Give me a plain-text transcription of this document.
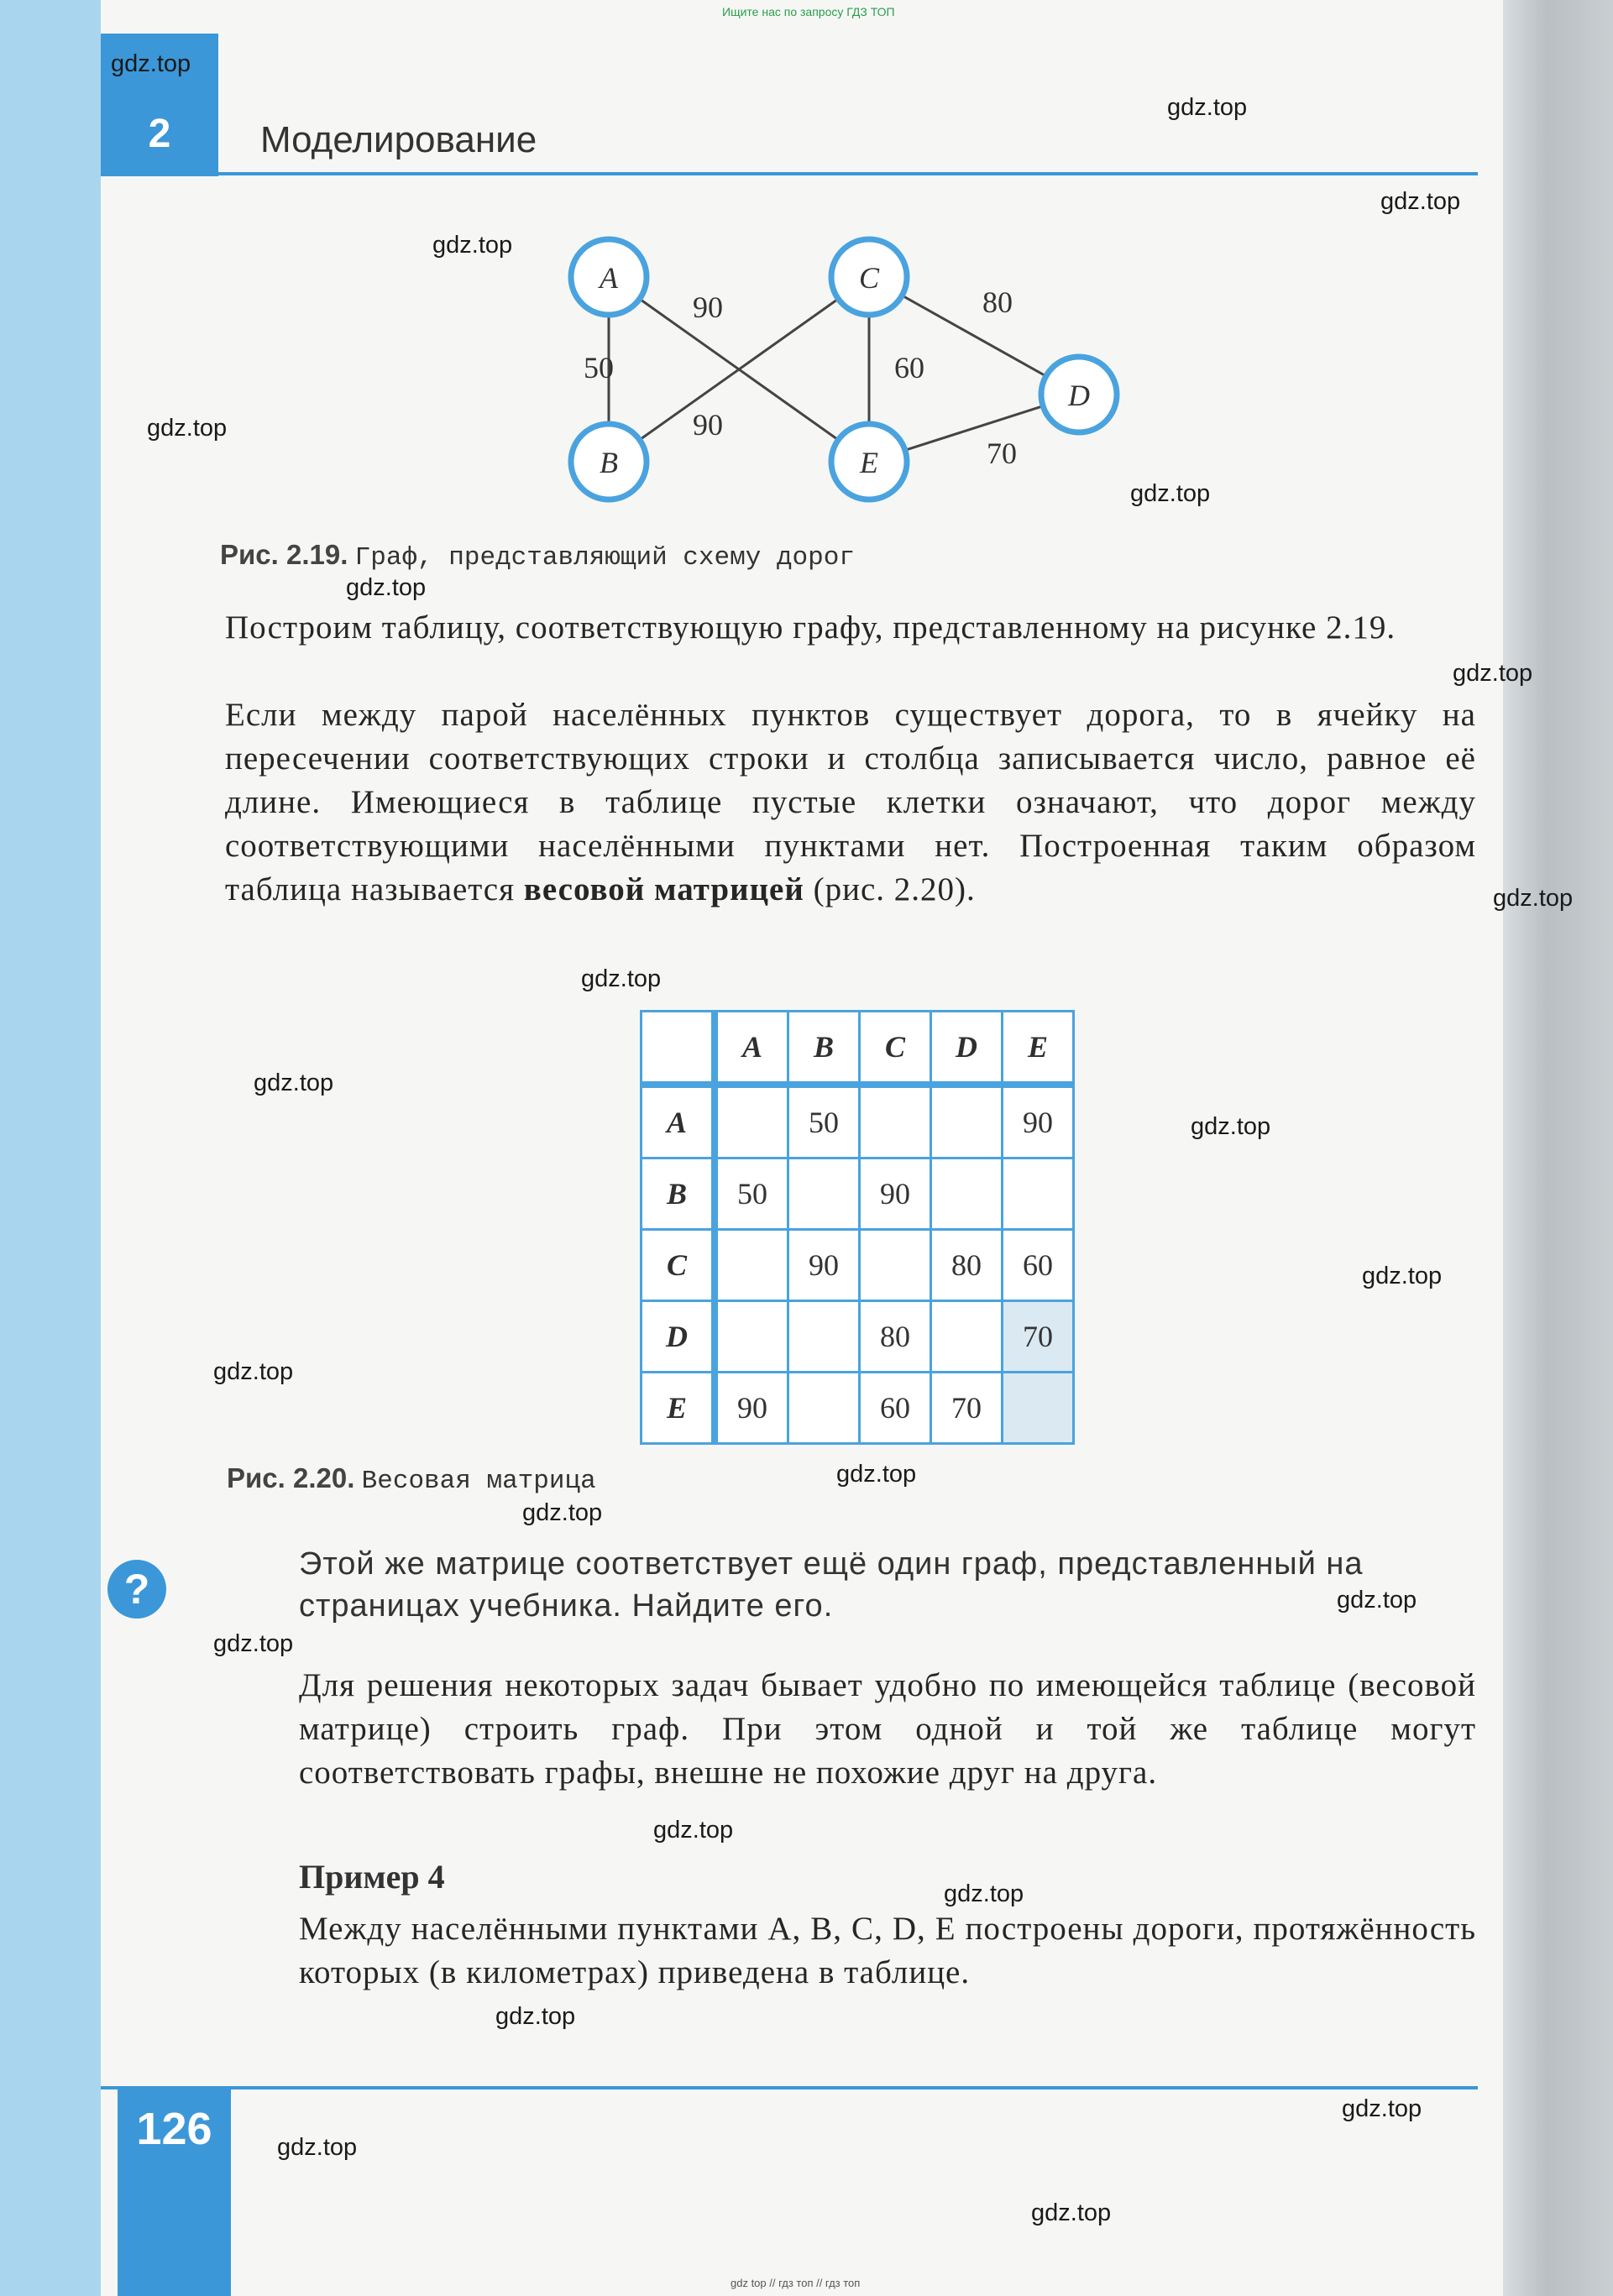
Ищите нас по запросу ГДЗ ТОП
2	Моделирование
50
90
90
60
80
70
A
B
C
D
E
Рис. 2.19. Граф, представляющий схему дорог
Построим таблицу, соответствующую графу, представленному на рисунке 2.19.
Если между парой населённых пунктов существует дорога, то в ячейку на пересечении соответствующих строки и столбца записывается число, равное её длине. Имеющиеся в таблице пустые клетки означают, что дорог между соответствующими населёнными пунктами нет. Построенная таким образом таблица называется весовой матрицей (рис. 2.20).
	A	B	C	D	E
A		50			90
B	50		90		
C		90		80	60
D			80		70
E	90		60	70	
Рис. 2.20. Весовая матрица
?
Этой же матрице соответствует ещё один граф, представленный на страницах учебника. Найдите его.
Для решения некоторых задач бывает удобно по имеющейся таблице (весовой матрице) строить граф. При этом одной и той же таблице могут соответствовать графы, внешне не похожие друг на друга.
Пример 4
Между населёнными пунктами A, B, C, D, E построены дороги, протяжённость которых (в километрах) приведена в таблице.
126
gdz top // гдз топ // гдз топ
gdz.top
gdz.top
gdz.top
gdz.top
gdz.top
gdz.top
gdz.top
gdz.top
gdz.top
gdz.top
gdz.top
gdz.top
gdz.top
gdz.top
gdz.top
gdz.top
gdz.top
gdz.top
gdz.top
gdz.top
gdz.top
gdz.top
gdz.top
gdz.top
